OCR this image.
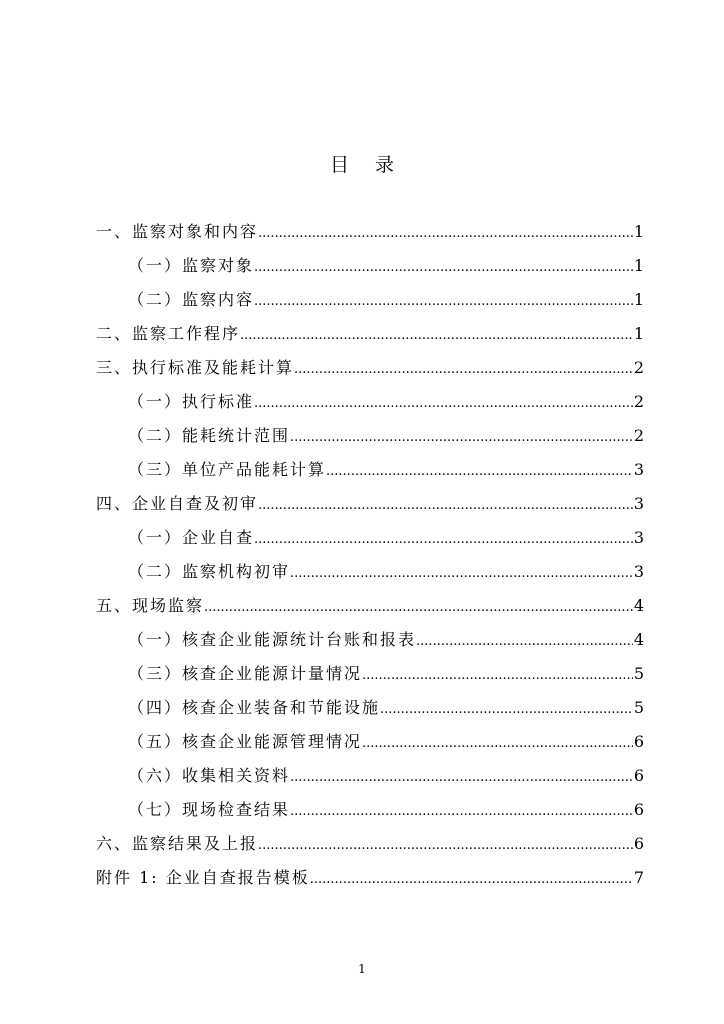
目 录
一、监察对象和内容 .....	1
（一）监察对象 .....	1
（二）监察内容 .....	1
二、监察工作程序 .....	1
三、执行标准及能耗计算 .....	2
（一）执行标准 .....	2
（二）能耗统计范围 .....	2
（三）单位产品能耗计算 .....	3
四、企业自查及初审 .....	3
（一）企业自查 .....	3
（二）监察机构初审 .....	3
五、现场监察 .....	4
（一）核查企业能源统计台账和报表 .....	4
（三）核查企业能源计量情况 .....	5
（四）核查企业装备和节能设施 .....	5
（五）核查企业能源管理情况 .....	6
（六）收集相关资料 .....	6
（七）现场检查结果 .....	6
六、监察结果及上报 .....	6
附件 1: 企业自查报告模板 .....	7
1
